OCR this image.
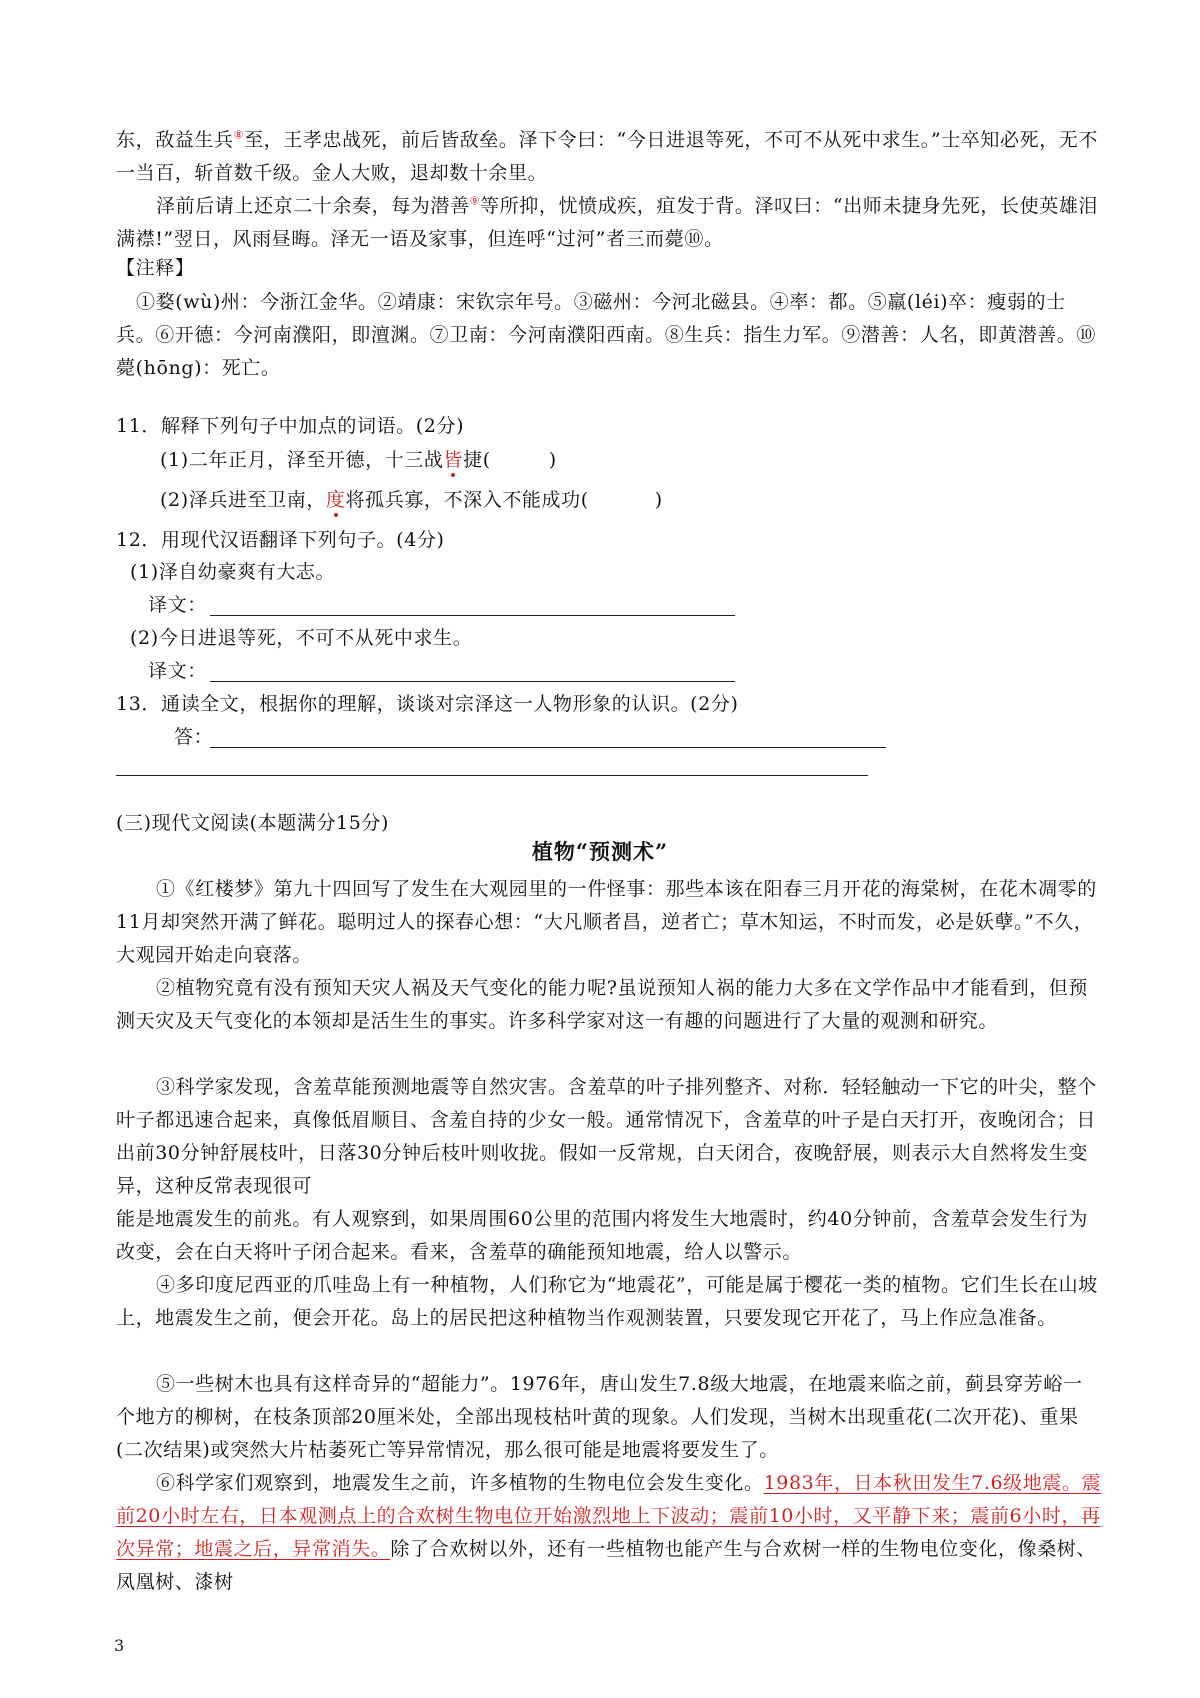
东，敌益生兵⑧至，王孝忠战死，前后皆敌垒。泽下令曰：“今日进退等死，不可不从死中求生。”士卒知必死，无不一当百，斩首数千级。金人大败，退却数十余里。
泽前后请上还京二十余奏，每为潜善⑨等所抑，忧愤成疾，疽发于背。泽叹曰：“出师未捷身先死，长使英雄泪满襟!”翌日，风雨昼晦。泽无一语及家事，但连呼“过河”者三而薨⑩。
【注释】
①婺(wù)州：今浙江金华。②靖康：宋钦宗年号。③磁州：今河北磁县。④率：都。⑤羸(léi)卒：瘦弱的士兵。⑥开德：今河南濮阳，即澶渊。⑦卫南：今河南濮阳西南。⑧生兵：指生力军。⑨潜善：人名，即黄潜善。⑩薨(hōng)：死亡。
11．解释下列句子中加点的词语。(2分)
(1)二年正月，泽至开德，十三战皆捷(	)
(2)泽兵进至卫南，度将孤兵寡，不深入不能成功(	)
12．用现代汉语翻译下列句子。(4分)
(1)泽自幼豪爽有大志。
译文：
(2)今日进退等死，不可不从死中求生。
译文：
13．通读全文，根据你的理解，谈谈对宗泽这一人物形象的认识。(2分)
答：
(三)现代文阅读(本题满分15分)
植物“预测术”
①《红楼梦》第九十四回写了发生在大观园里的一件怪事：那些本该在阳春三月开花的海棠树，在花木凋零的11月却突然开满了鲜花。聪明过人的探春心想：“大凡顺者昌，逆者亡；草木知运，不时而发，必是妖孽。”不久，大观园开始走向衰落。
②植物究竟有没有预知天灾人祸及天气变化的能力呢?虽说预知人祸的能力大多在文学作品中才能看到，但预测天灾及天气变化的本领却是活生生的事实。许多科学家对这一有趣的问题进行了大量的观测和研究。
③科学家发现，含羞草能预测地震等自然灾害。含羞草的叶子排列整齐、对称．轻轻触动一下它的叶尖，整个叶子都迅速合起来，真像低眉顺目、含羞自持的少女一般。通常情况下，含羞草的叶子是白天打开，夜晚闭合；日出前30分钟舒展枝叶，日落30分钟后枝叶则收拢。假如一反常规，白天闭合，夜晚舒展，则表示大自然将发生变异，这种反常表现很可
能是地震发生的前兆。有人观察到，如果周围60公里的范围内将发生大地震时，约40分钟前，含羞草会发生行为改变，会在白天将叶子闭合起来。看来，含羞草的确能预知地震，给人以警示。
④多印度尼西亚的爪哇岛上有一种植物，人们称它为“地震花”，可能是属于樱花一类的植物。它们生长在山坡上，地震发生之前，便会开花。岛上的居民把这种植物当作观测装置，只要发现它开花了，马上作应急准备。
⑤一些树木也具有这样奇异的“超能力”。1976年，唐山发生7.8级大地震，在地震来临之前，蓟县穿芳峪一个地方的柳树，在枝条顶部20厘米处，全部出现枝枯叶黄的现象。人们发现，当树木出现重花(二次开花)、重果(二次结果)或突然大片枯萎死亡等异常情况，那么很可能是地震将要发生了。
⑥科学家们观察到，地震发生之前，许多植物的生物电位会发生变化。1983年，日本秋田发生7.6级地震。震前20小时左右，日本观测点上的合欢树生物电位开始激烈地上下波动；震前10小时，又平静下来；震前6小时，再次异常；地震之后，异常消失。除了合欢树以外，还有一些植物也能产生与合欢树一样的生物电位变化，像桑树、凤凰树、漆树
3
